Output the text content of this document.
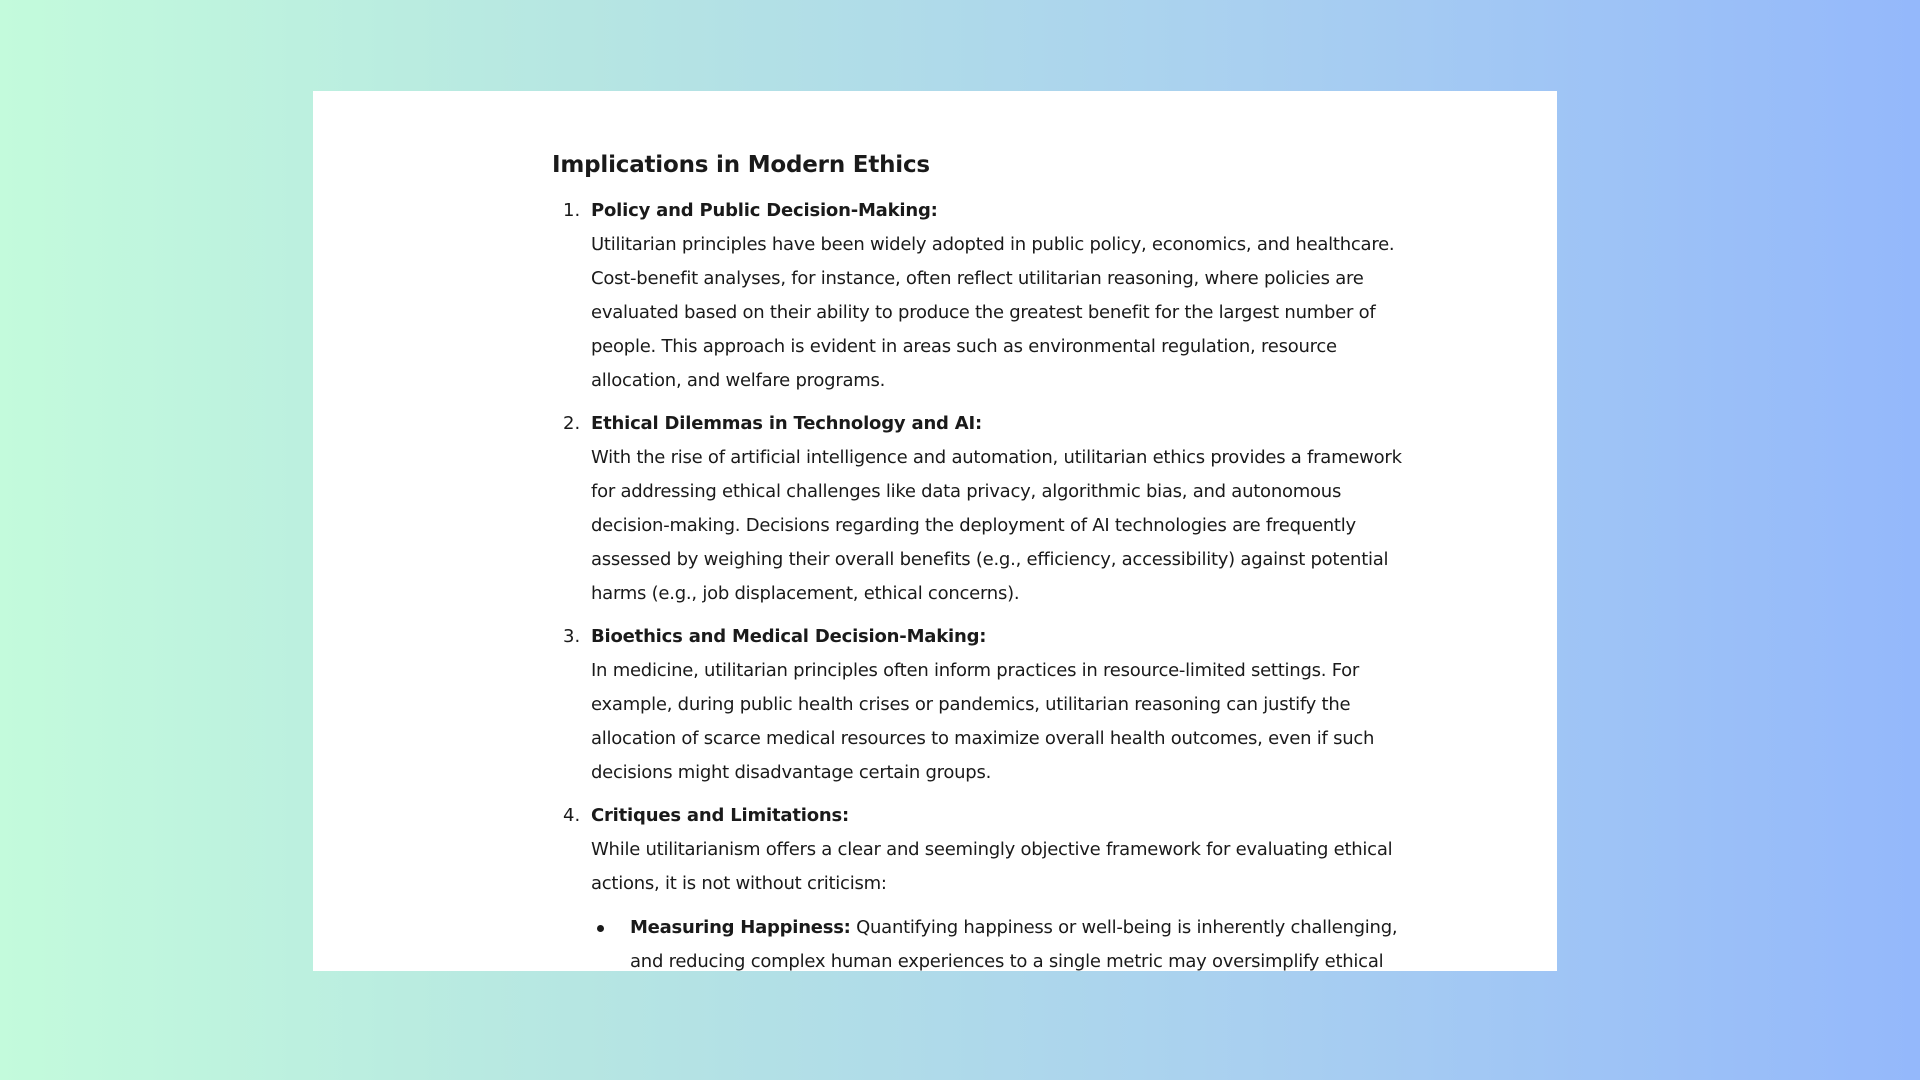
Implications in Modern Ethics
1. Policy and Public Decision-Making:

Utilitarian principles have been widely adopted in public policy, economics, and healthcare. Cost-benefit analyses, for instance, often reflect utilitarian reasoning, where policies are evaluated based on their ability to produce the greatest benefit for the largest number of people. This approach is evident in areas such as environmental regulation, resource allocation, and welfare programs.

2. Ethical Dilemmas in Technology and AI:

With the rise of artificial intelligence and automation, utilitarian ethics provides a framework for addressing ethical challenges like data privacy, algorithmic bias, and autonomous decision-making. Decisions regarding the deployment of AI technologies are frequently assessed by weighing their overall benefits (e.g., efficiency, accessibility) against potential harms (e.g., job displacement, ethical concerns).

3. Bioethics and Medical Decision-Making:

In medicine, utilitarian principles often inform practices in resource-limited settings. For example, during public health crises or pandemics, utilitarian reasoning can justify the allocation of scarce medical resources to maximize overall health outcomes, even if such decisions might disadvantage certain groups.

4. Critiques and Limitations:

While utilitarianism offers a clear and seemingly objective framework for evaluating ethical actions, it is not without criticism:

Measuring Happiness: Quantifying happiness or well-being is inherently challenging, and reducing complex human experiences to a single metric may oversimplify ethical
